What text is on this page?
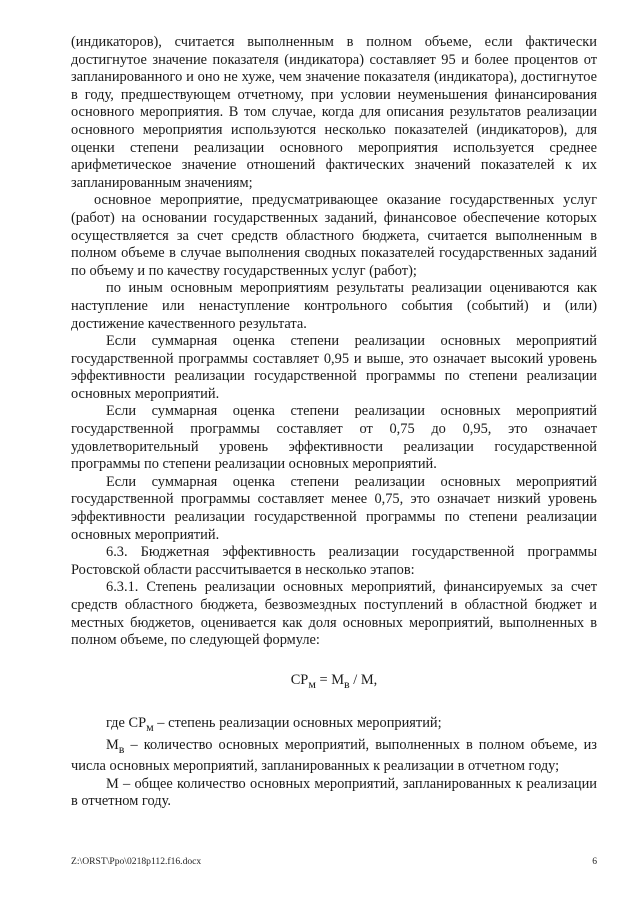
(индикаторов), считается выполненным в полном объеме, если фактически достигнутое значение показателя (индикатора) составляет 95 и более процентов от запланированного и оно не хуже, чем значение показателя (индикатора), достигнутое в году, предшествующем отчетному, при условии неуменьшения финансирования основного мероприятия. В том случае, когда для описания результатов реализации основного мероприятия используются несколько показателей (индикаторов), для оценки степени реализации основного мероприятия используется среднее арифметическое значение отношений фактических значений показателей к их запланированным значениям;

основное мероприятие, предусматривающее оказание государственных услуг (работ) на основании государственных заданий, финансовое обеспечение которых осуществляется за счет средств областного бюджета, считается выполненным в полном объеме в случае выполнения сводных показателей государственных заданий по объему и по качеству государственных услуг (работ);

по иным основным мероприятиям результаты реализации оцениваются как наступление или ненаступление контрольного события (событий) и (или) достижение качественного результата.

Если суммарная оценка степени реализации основных мероприятий государственной программы составляет 0,95 и выше, это означает высокий уровень эффективности реализации государственной программы по степени реализации основных мероприятий.

Если суммарная оценка степени реализации основных мероприятий государственной программы составляет от 0,75 до 0,95, это означает удовлетворительный уровень эффективности реализации государственной программы по степени реализации основных мероприятий.

Если суммарная оценка степени реализации основных мероприятий государственной программы составляет менее 0,75, это означает низкий уровень эффективности реализации государственной программы по степени реализации основных мероприятий.

6.3. Бюджетная эффективность реализации государственной программы Ростовской области рассчитывается в несколько этапов:

6.3.1. Степень реализации основных мероприятий, финансируемых за счет средств областного бюджета, безвозмездных поступлений в областной бюджет и местных бюджетов, оценивается как доля основных мероприятий, выполненных в полном объеме, по следующей формуле:

$СР_м = М_в / М$,

где $СР_м$ – степень реализации основных мероприятий;

$М_в$ – количество основных мероприятий, выполненных в полном объеме, из числа основных мероприятий, запланированных к реализации в отчетном году;

М – общее количество основных мероприятий, запланированных к реализации в отчетном году.

Z:\ORST\Ppo\0218p112.f16.docx	6
